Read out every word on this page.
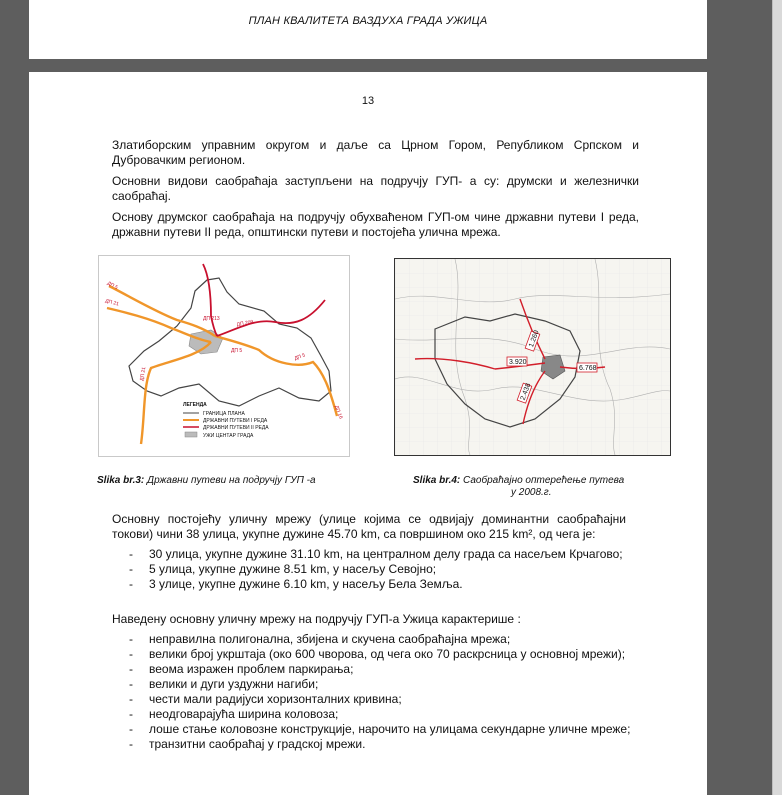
ПЛАН КВАЛИТЕТА ВАЗДУХА ГРАДА УЖИЦА
13

Златиборским управним округом и даље са Црном Гором, Републиком Српском и Дубровачким регионом.

Основни видови саобраћаја заступљени на подручју ГУП- а су: друмски и железнички саобраћај.

Основу друмског саобраћаја на подручју обухваћеном ГУП-ом чине државни путеви I реда, државни путеви II реда, општински путеви и постојећа улична мрежа.

ДП 5
ДП 21
ДП 213
ДП 209
ДП 5
ДП 21
ДП 5
ДП 16
ЛЕГЕНДА
ГРАНИЦА ПЛАНА
ДРЖАВНИ ПУТЕВИ I РЕДА
ДРЖАВНИ ПУТЕВИ II РЕДА
УЖИ ЦЕНТАР ГРАДА
Slika br.3: Државни путеви на подручју ГУП -а
1.260
3.920
6.768
2.438
Slika br.4: Саобраћајно оптерећење путева
у 2008.г.

Основну постојећу уличну мрежу (улице којима се одвијају доминантни саобраћајни токови) чини 38 улица, укупне дужине 45.70 km, са површином око 215 km², од чега је:

- 30 улица, укупне дужине 31.10 km, на централном делу града са насељем Крчагово;
- 5 улица, укупне дужине 8.51 km, у насељу Севојно;
- 3 улице, укупне дужине 6.10 km, у насељу Бела Земља.

Наведену основну уличну мрежу на подручју ГУП-а Ужица карактерише :

- неправилна полигонална, збијена и скучена саобраћајна мрежа;
- велики број укрштаја (око 600 чворова, од чега око 70 раскрсница у основној мрежи);
- веома изражен проблем паркирања;
- велики и дуги уздужни нагиби;
- чести мали радијуси хоризонталних кривина;
- неодговарајућа ширина коловоза;
- лоше стање коловозне конструкције, нарочито на улицама секундарне уличне мреже;
- транзитни саобраћај у градској мрежи.
